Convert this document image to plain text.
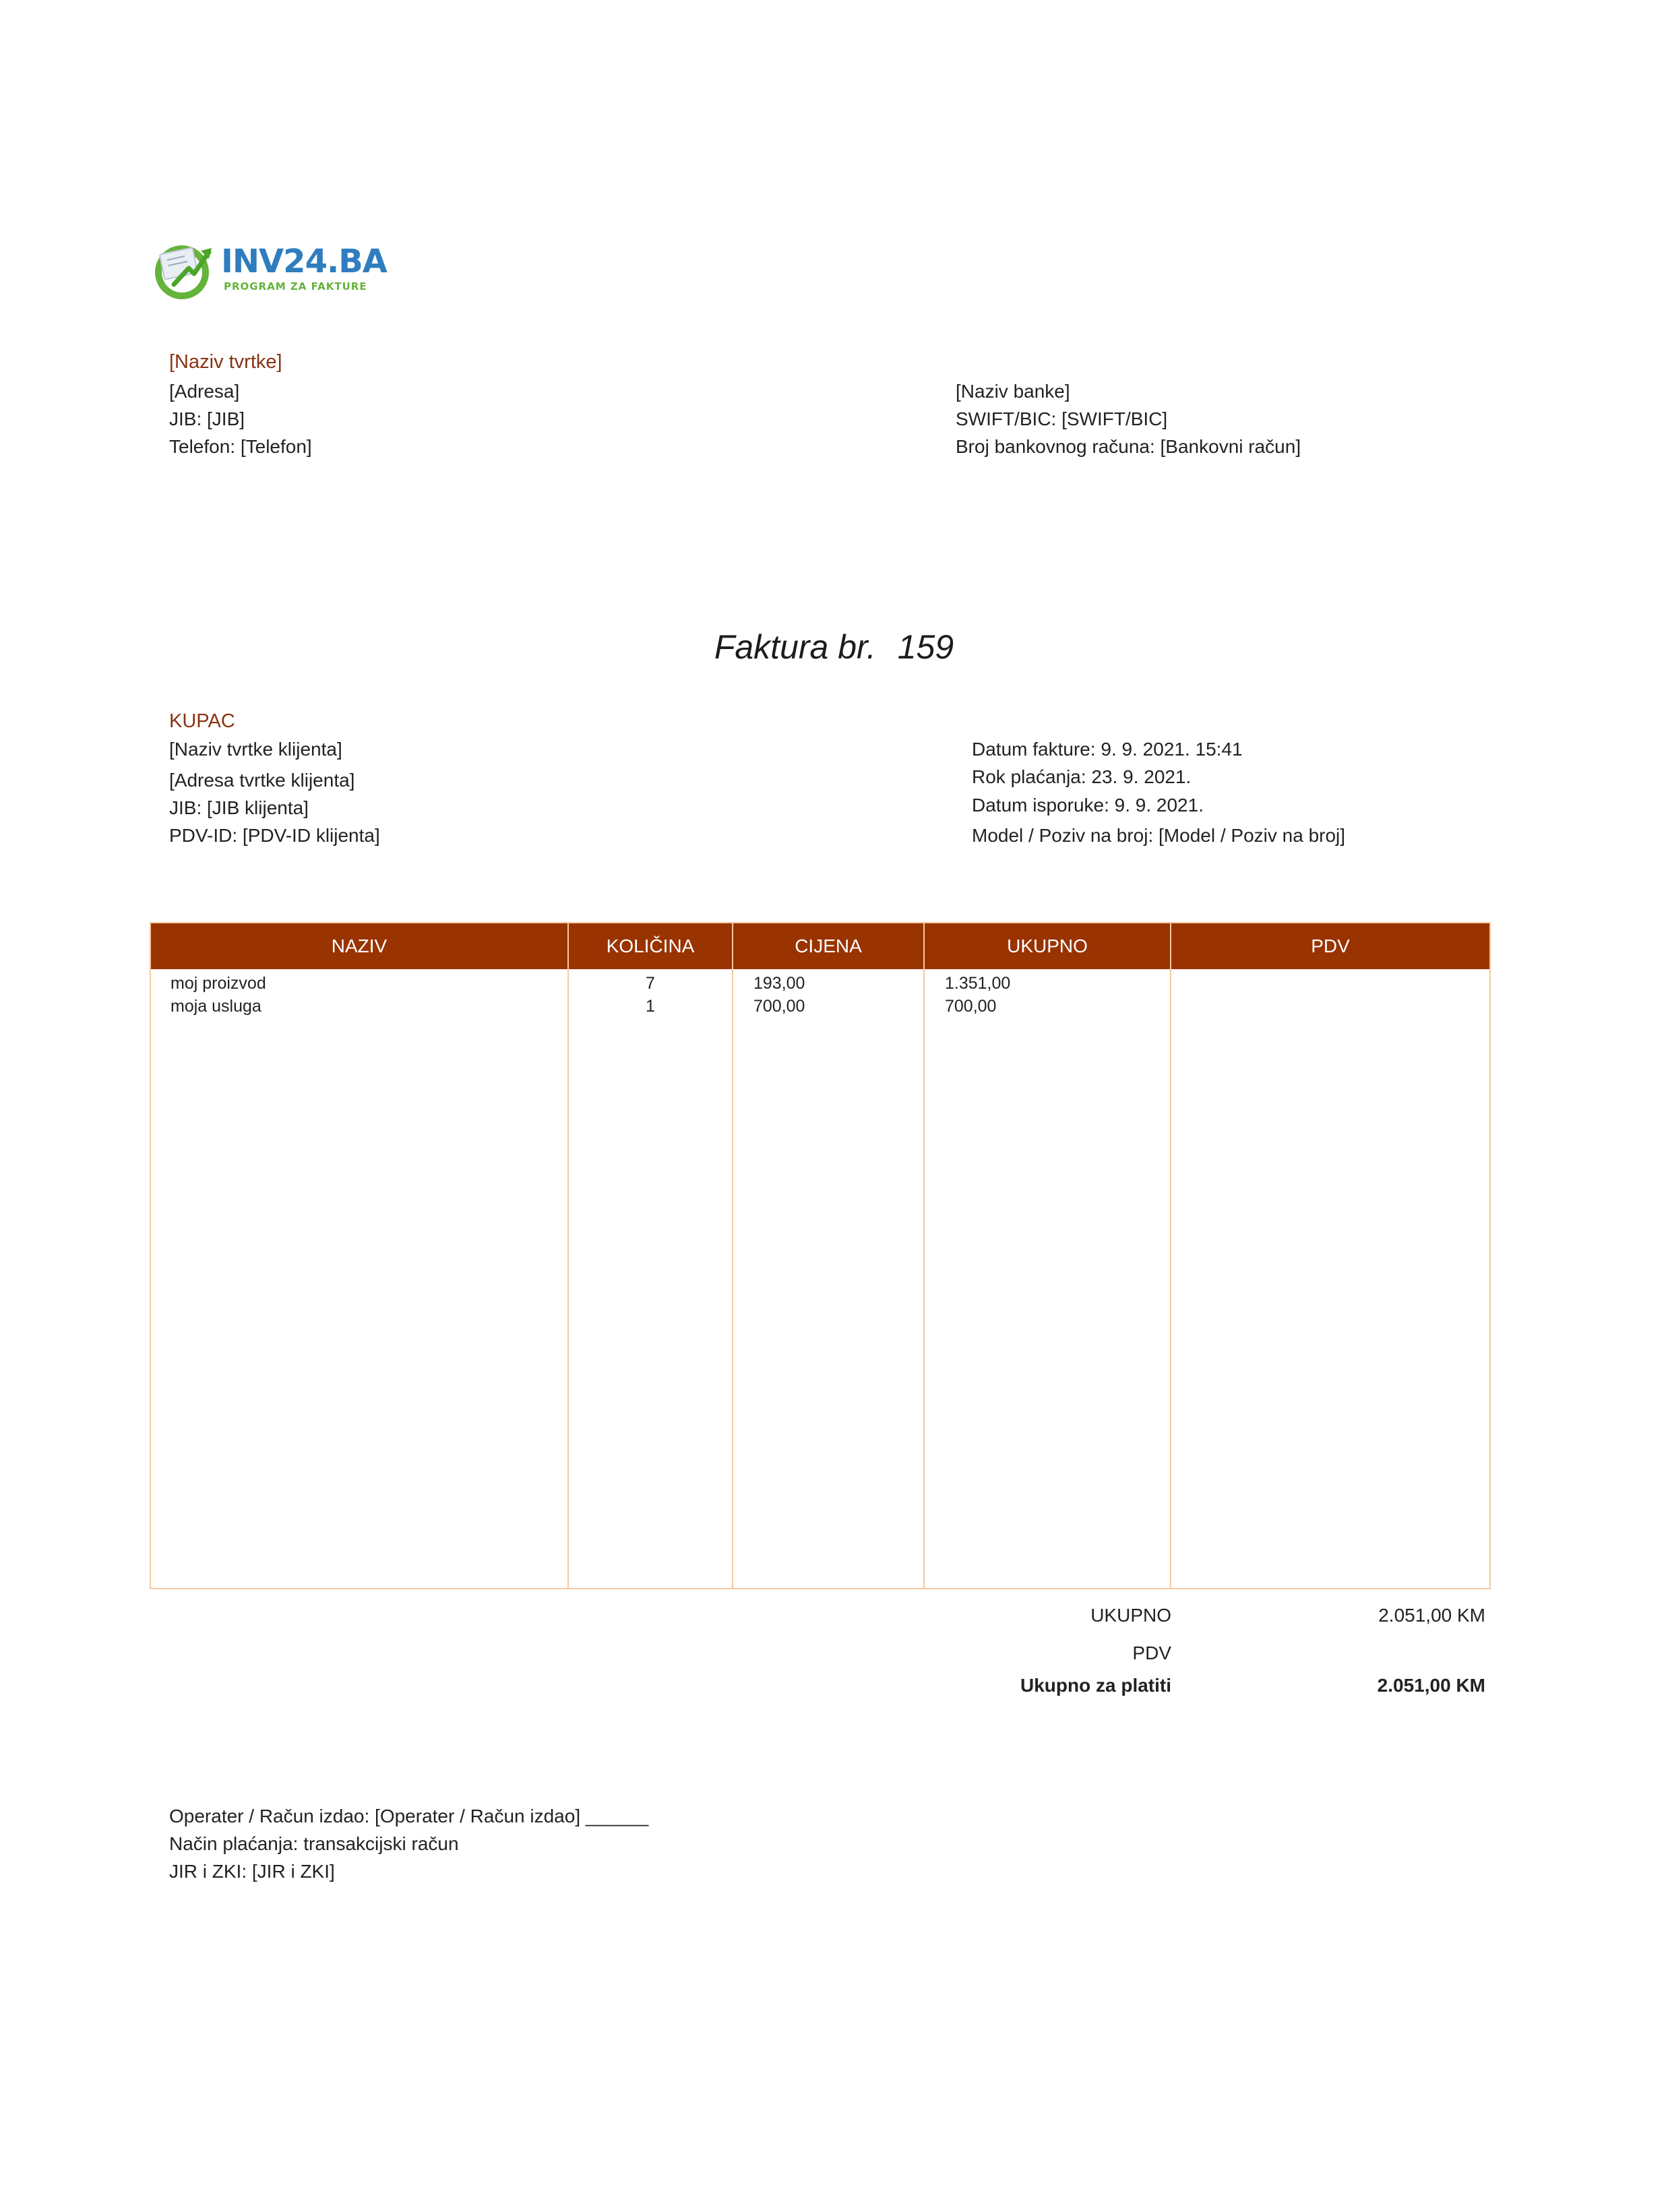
INV24.BA
PROGRAM ZA FAKTURE
[Naziv tvrtke]
[Adresa]
JIB: [JIB]
Telefon: [Telefon]
[Naziv banke]
SWIFT/BIC: [SWIFT/BIC]
Broj bankovnog računa: [Bankovni račun]
Faktura br. 159
KUPAC
[Naziv tvrtke klijenta]
[Adresa tvrtke klijenta]
JIB: [JIB klijenta]
PDV-ID: [PDV-ID klijenta]
Datum fakture: 9. 9. 2021. 15:41
Rok plaćanja: 23. 9. 2021.
Datum isporuke: 9. 9. 2021.
Model / Poziv na broj: [Model / Poziv na broj]
NAZIV	KOLIČINA	CIJENA	UKUPNO	PDV
moj proizvod	7	193,00	1.351,00
moja usluga	1	700,00	700,00
UKUPNO	2.051,00 KM
PDV
Ukupno za platiti	2.051,00 KM
Operater / Račun izdao: [Operater / Račun izdao] ______
Način plaćanja: transakcijski račun
JIR i ZKI: [JIR i ZKI]
